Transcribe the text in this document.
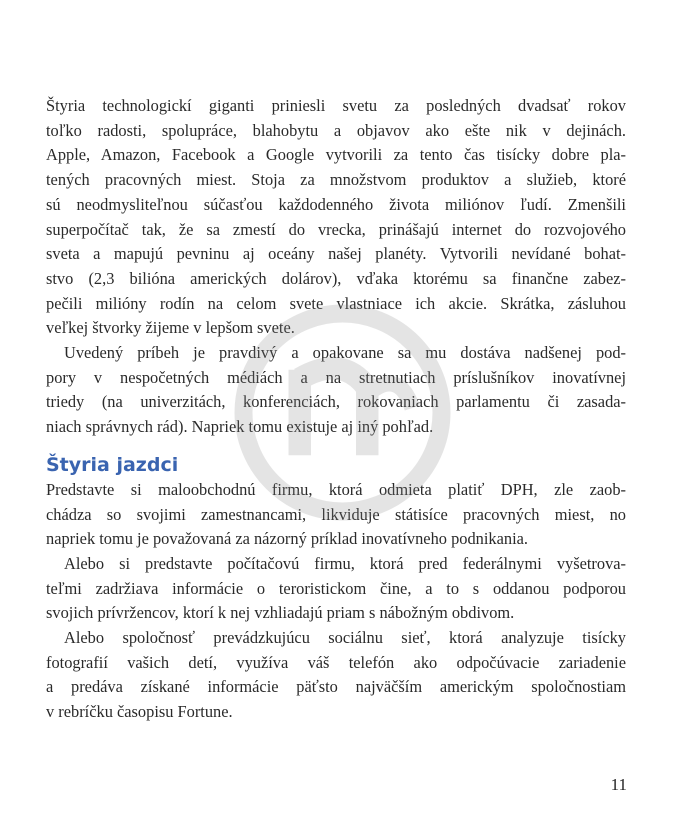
Štyria technologickí giganti priniesli svetu za posledných dvadsať rokov
toľko radosti, spolupráce, blahobytu a objavov ako ešte nik v dejinách.
Apple, Amazon, Facebook a Google vytvorili za tento čas tisícky dobre pla-
tených pracovných miest. Stoja za množstvom produktov a služieb, ktoré
sú neodmysliteľnou súčasťou každodenného života miliónov ľudí. Zmenšili
superpočítač tak, že sa zmestí do vrecka, prinášajú internet do rozvojového
sveta a mapujú pevninu aj oceány našej planéty. Vytvorili nevídané bohat-
stvo (2,3 bilióna amerických dolárov), vďaka ktorému sa finančne zabez-
pečili milióny rodín na celom svete vlastniace ich akcie. Skrátka, zásluhou
veľkej štvorky žijeme v lepšom svete.

Uvedený príbeh je pravdivý a opakovane sa mu dostáva nadšenej pod-
pory v nespočetných médiách a na stretnutiach príslušníkov inovatívnej
triedy (na univerzitách, konferenciách, rokovaniach parlamentu či zasada-
niach správnych rád). Napriek tomu existuje aj iný pohľad.

Štyria jazdci

Predstavte si maloobchodnú firmu, ktorá odmieta platiť DPH, zle zaob-
chádza so svojimi zamestnancami, likviduje státisíce pracovných miest, no
napriek tomu je považovaná za názorný príklad inovatívneho podnikania.

Alebo si predstavte počítačovú firmu, ktorá pred federálnymi vyšetrova-
teľmi zadržiava informácie o teroristickom čine, a to s oddanou podporou
svojich prívržencov, ktorí k nej vzhliadajú priam s nábožným obdivom.

Alebo spoločnosť prevádzkujúcu sociálnu sieť, ktorá analyzuje tisícky
fotografií vašich detí, využíva váš telefón ako odpočúvacie zariadenie
a predáva získané informácie päťsto najväčším americkým spoločnostiam
v rebríčku časopisu Fortune.

11
